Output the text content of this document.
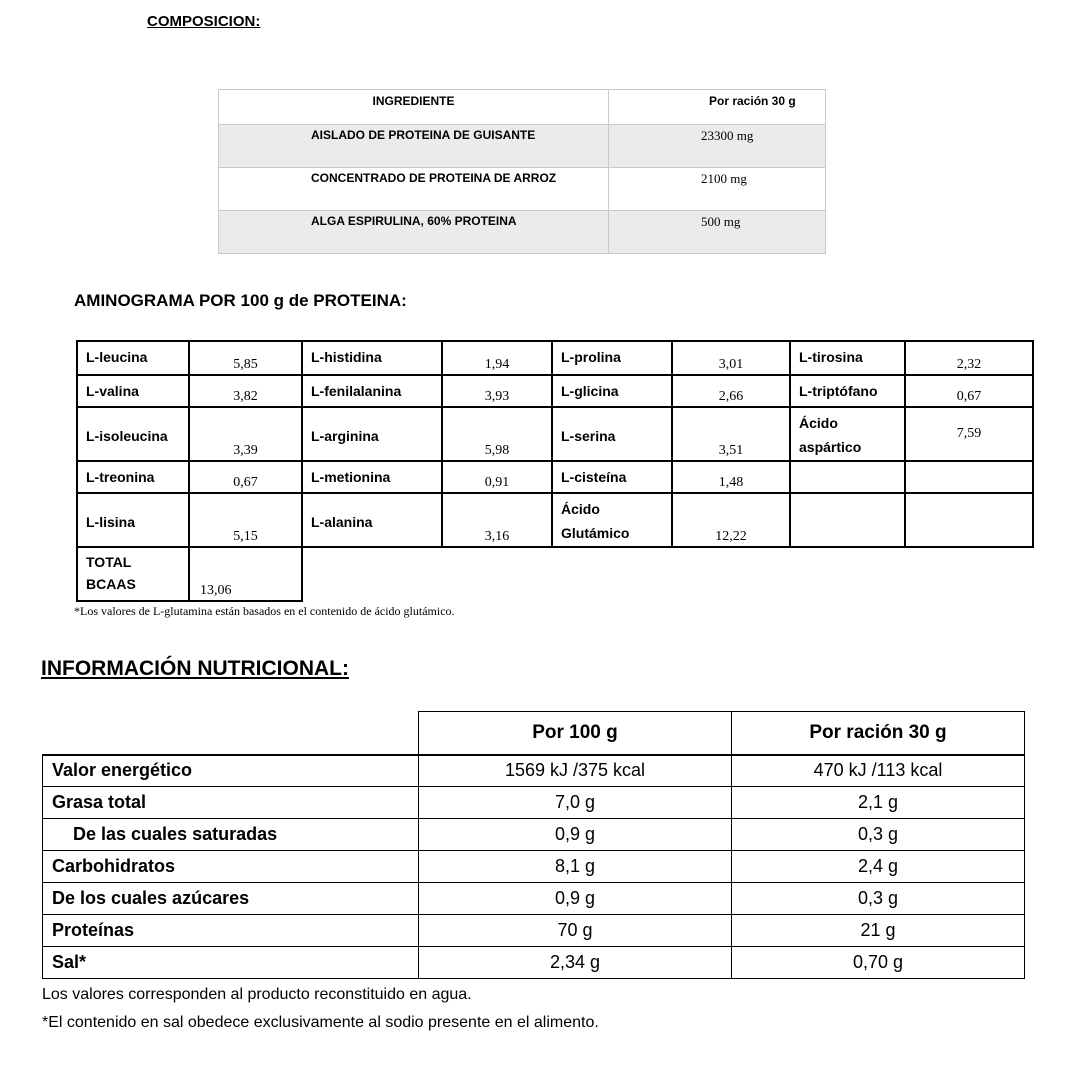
COMPOSICION:
INGREDIENTE	Por ración 30 g
AISLADO DE PROTEINA DE GUISANTE	23300 mg
CONCENTRADO DE PROTEINA DE ARROZ	2100 mg
ALGA ESPIRULINA, 60% PROTEINA	500 mg
AMINOGRAMA POR 100 g de PROTEINA:
L-leucina	5,85	L-histidina	1,94	L-prolina	3,01	L-tirosina	2,32
L-valina	3,82	L-fenilalanina	3,93	L-glicina	2,66	L-triptófano	0,67
L-isoleucina	3,39	L-arginina	5,98	L-serina	3,51	Ácido aspártico	7,59
L-treonina	0,67	L-metionina	0,91	L-cisteína	1,48		
L-lisina	5,15	L-alanina	3,16	Ácido Glutámico	12,22		
TOTAL BCAAS	13,06						
*Los valores de L-glutamina están basados en el contenido de ácido glutámico.
INFORMACIÓN NUTRICIONAL:
	Por 100 g	Por ración 30 g
Valor energético	1569 kJ /375 kcal	470 kJ /113 kcal
Grasa total	7,0 g	2,1 g
De las cuales saturadas	0,9 g	0,3 g
Carbohidratos	8,1 g	2,4 g
De los cuales azúcares	0,9 g	0,3 g
Proteínas	70 g	21 g
Sal*	2,34 g	0,70 g
Los valores corresponden al producto reconstituido en agua.
*El contenido en sal obedece exclusivamente al sodio presente en el alimento.
